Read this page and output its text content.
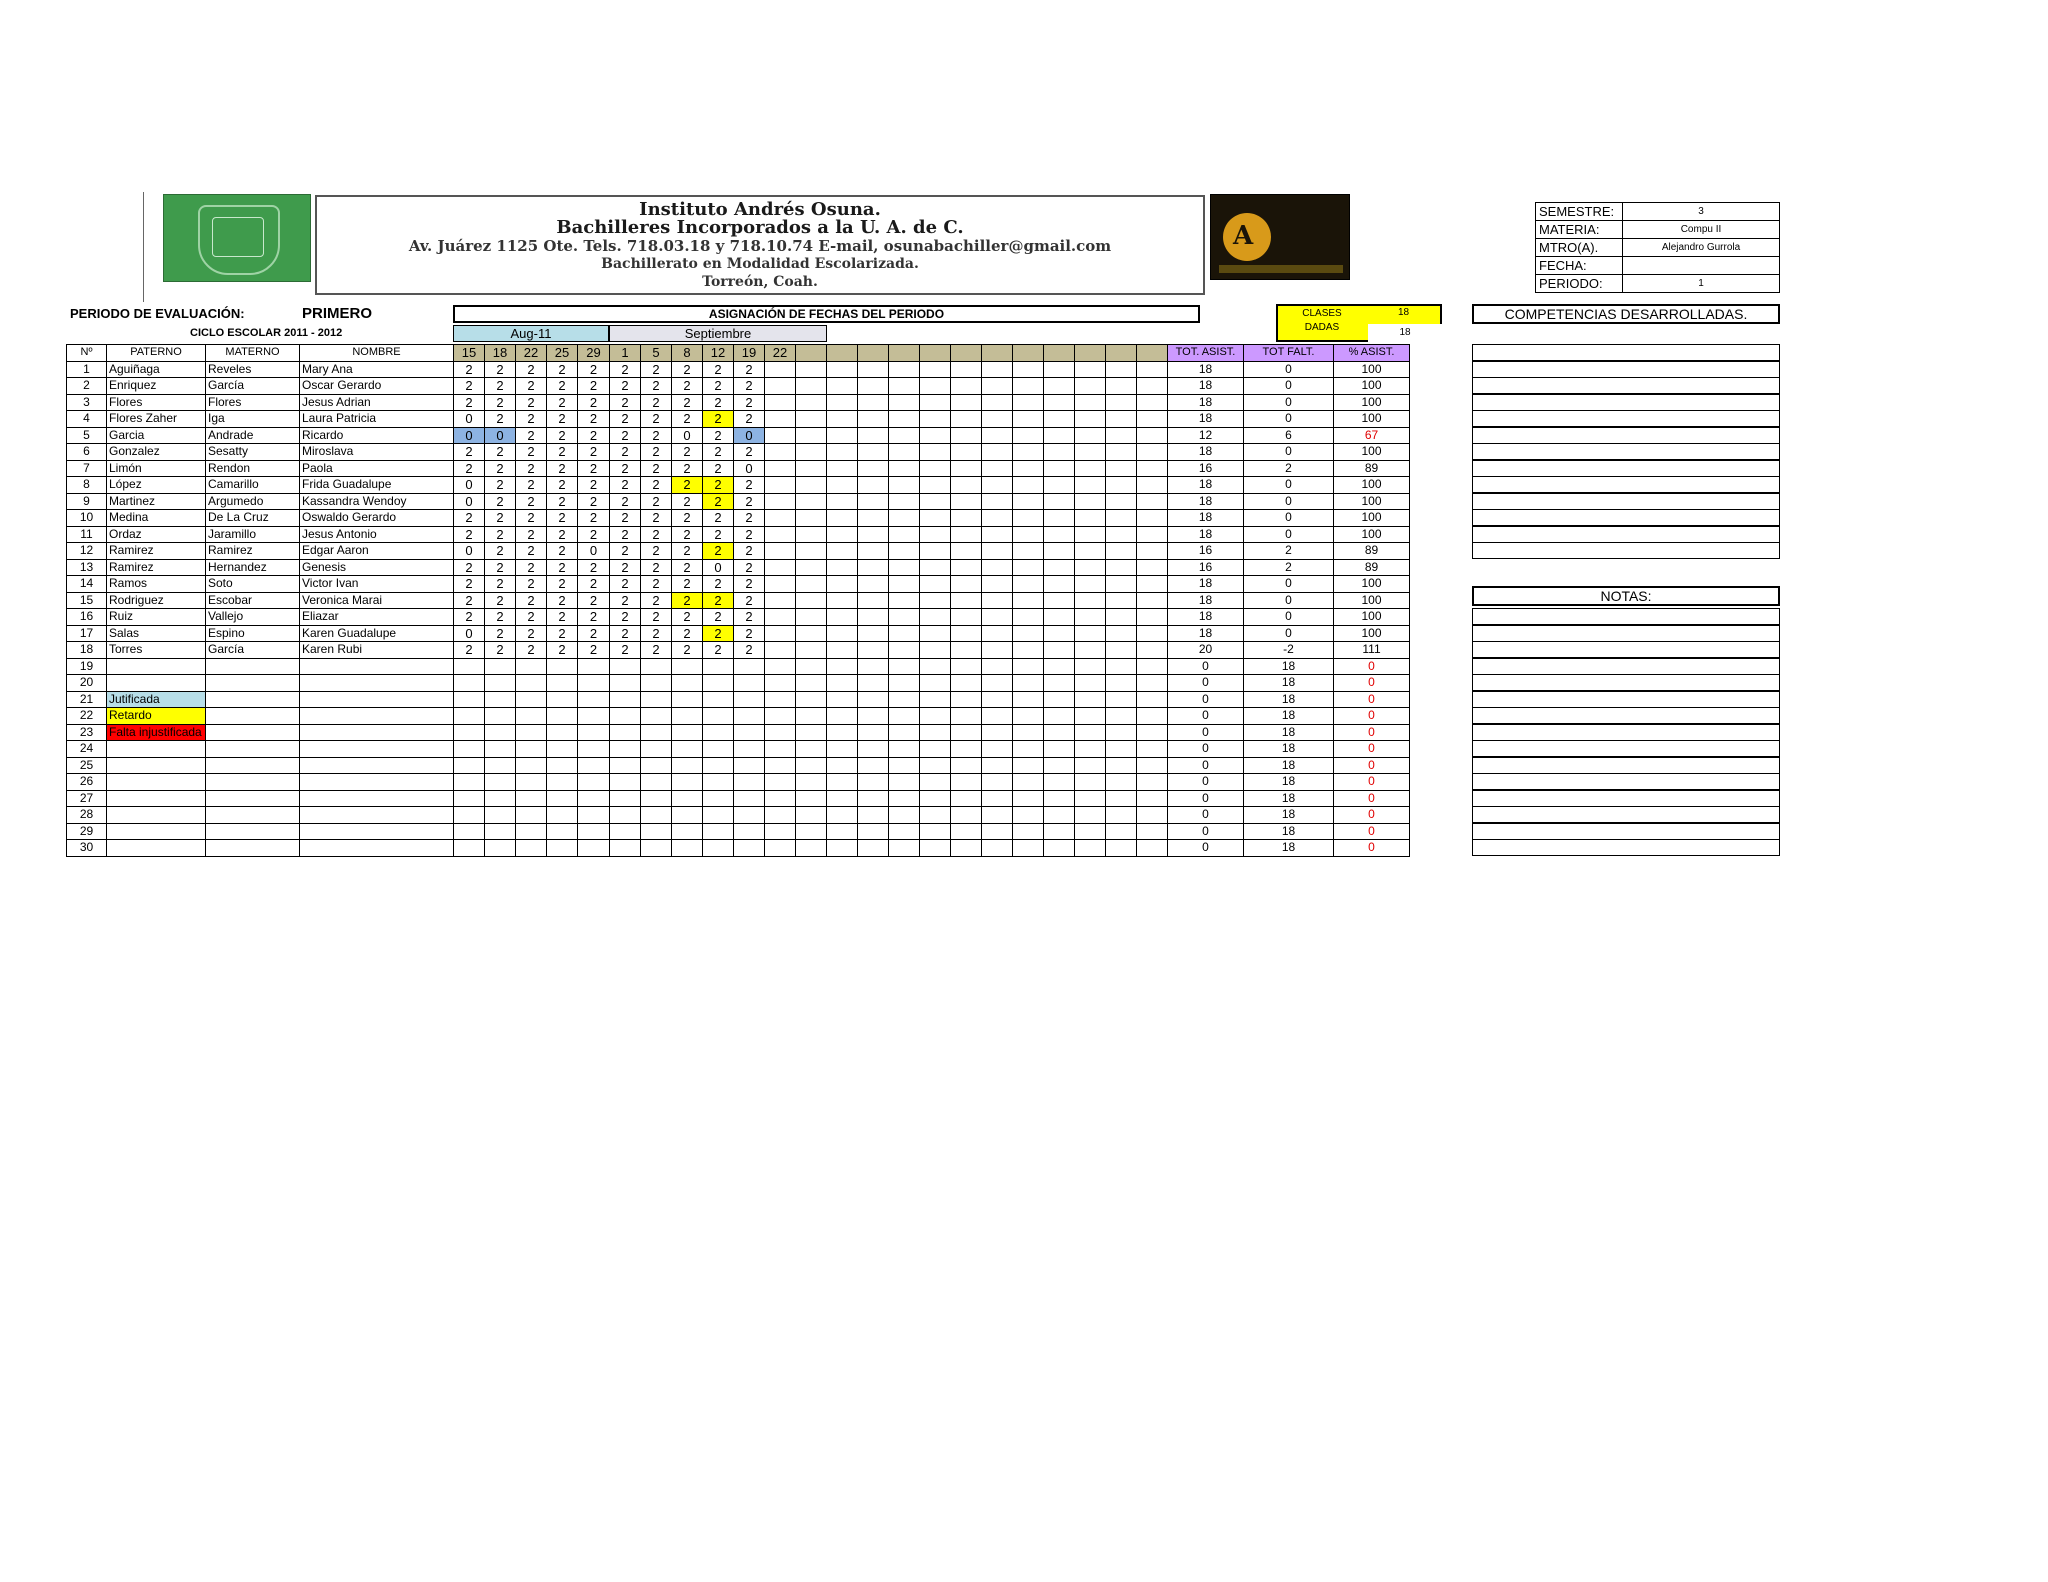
Instituto Andrés Osuna.
Bachilleres Incorporados a la U. A. de C.
Av. Juárez 1125 Ote. Tels. 718.03.18 y 718.10.74 E-mail, osunabachiller@gmail.com
Bachillerato en Modalidad Escolarizada.
Torreón, Coah.
A
SEMESTRE:	3
MATERIA:	Compu II
MTRO(A).	Alejandro Gurrola
FECHA:	
PERIODO:	1
PERIODO DE EVALUACIÓN:	PRIMERO
CICLO ESCOLAR 2011 - 2012
ASIGNACIÓN DE FECHAS DEL PERIODO	CLASES DADAS
18
18
COMPETENCIAS DESARROLLADAS.
NOTAS:
Aug-11	Septiembre
Nº	PATERNO	MATERNO	NOMBRE	15	18	22	25	29	1	5	8	12	19	22													TOT. ASIST.	TOT FALT.	% ASIST.
1	Aguiñaga	Reveles	Mary Ana	2	2	2	2	2	2	2	2	2	2														18	0	100
2	Enriquez	García	Oscar Gerardo	2	2	2	2	2	2	2	2	2	2														18	0	100
3	Flores	Flores	Jesus Adrian	2	2	2	2	2	2	2	2	2	2														18	0	100
4	Flores Zaher	Iga	Laura Patricia	0	2	2	2	2	2	2	2	2	2														18	0	100
5	Garcia	Andrade	Ricardo	0	0	2	2	2	2	2	0	2	0														12	6	67
6	Gonzalez	Sesatty	Miroslava	2	2	2	2	2	2	2	2	2	2														18	0	100
7	Limón	Rendon	Paola	2	2	2	2	2	2	2	2	2	0														16	2	89
8	López	Camarillo	Frida Guadalupe	0	2	2	2	2	2	2	2	2	2														18	0	100
9	Martinez	Argumedo	Kassandra Wendoy	0	2	2	2	2	2	2	2	2	2														18	0	100
10	Medina	De La Cruz	Oswaldo Gerardo	2	2	2	2	2	2	2	2	2	2														18	0	100
11	Ordaz	Jaramillo	Jesus Antonio	2	2	2	2	2	2	2	2	2	2														18	0	100
12	Ramirez	Ramirez	Edgar Aaron	0	2	2	2	0	2	2	2	2	2														16	2	89
13	Ramirez	Hernandez	Genesis	2	2	2	2	2	2	2	2	0	2														16	2	89
14	Ramos	Soto	Victor Ivan	2	2	2	2	2	2	2	2	2	2														18	0	100
15	Rodriguez	Escobar	Veronica Marai	2	2	2	2	2	2	2	2	2	2														18	0	100
16	Ruiz	Vallejo	Eliazar	2	2	2	2	2	2	2	2	2	2														18	0	100
17	Salas	Espino	Karen Guadalupe	0	2	2	2	2	2	2	2	2	2														18	0	100
18	Torres	García	Karen Rubi	2	2	2	2	2	2	2	2	2	2														20	-2	111
19																											0	18	0
20																											0	18	0
21	Jutificada																										0	18	0
22	Retardo																										0	18	0
23	Falta injustificada																										0	18	0
24																											0	18	0
25																											0	18	0
26																											0	18	0
27																											0	18	0
28																											0	18	0
29																											0	18	0
30																											0	18	0
